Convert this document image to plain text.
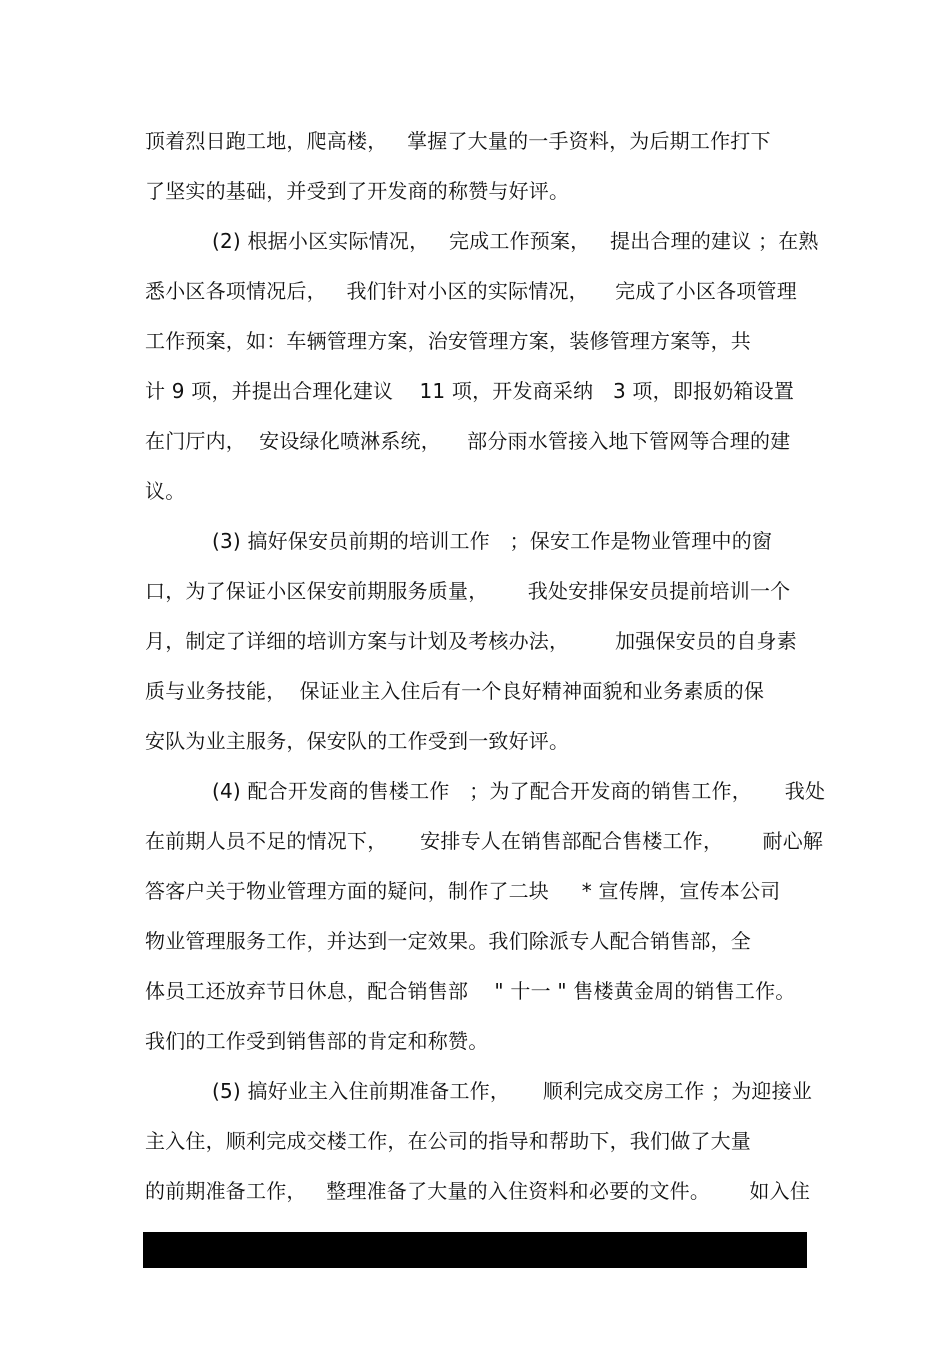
顶着烈日跑工地，爬高楼，   掌握了大量的一手资料，为后期工作打下
了坚实的基础，并受到了开发商的称赞与好评。
(2) 根据小区实际情况，   完成工作预案，   提出合理的建议 ；在熟
悉小区各项情况后，   我们针对小区的实际情况，    完成了小区各项管理
工作预案，如：车辆管理方案，治安管理方案，装修管理方案等，共
计 9 项，并提出合理化建议    11 项，开发商采纳   3 项，即报奶箱设置
在门厅内，  安设绿化喷淋系统，    部分雨水管接入地下管网等合理的建
议。
(3) 搞好保安员前期的培训工作   ；保安工作是物业管理中的窗
口，为了保证小区保安前期服务质量，      我处安排保安员提前培训一个
月，制定了详细的培训方案与计划及考核办法，       加强保安员的自身素
质与业务技能，  保证业主入住后有一个良好精神面貌和业务素质的保
安队为业主服务，保安队的工作受到一致好评。
(4) 配合开发商的售楼工作   ；为了配合开发商的销售工作，     我处
在前期人员不足的情况下，     安排专人在销售部配合售楼工作，      耐心解
答客户关于物业管理方面的疑问，制作了二块     * 宣传牌，宣传本公司
物业管理服务工作，并达到一定效果。我们除派专人配合销售部，全
体员工还放弃节日休息，配合销售部    " 十一 " 售楼黄金周的销售工作。
我们的工作受到销售部的肯定和称赞。
(5) 搞好业主入住前期准备工作，     顺利完成交房工作 ；为迎接业
主入住，顺利完成交楼工作，在公司的指导和帮助下，我们做了大量
的前期准备工作，   整理准备了大量的入住资料和必要的文件。      如入住
